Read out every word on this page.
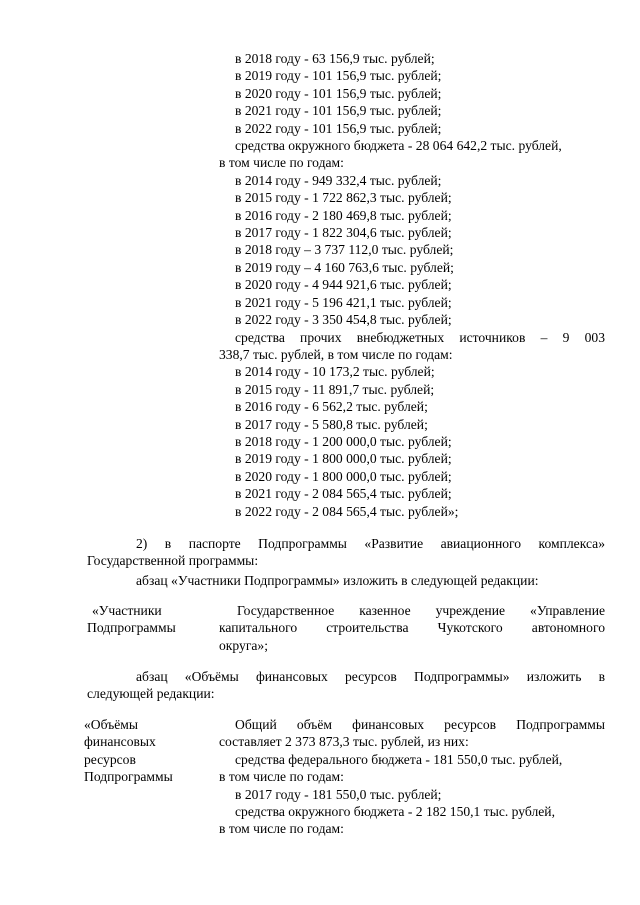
в 2018 году - 63 156,9 тыс. рублей;

в 2019 году - 101 156,9 тыс. рублей;

в 2020 году - 101 156,9 тыс. рублей;

в 2021 году - 101 156,9 тыс. рублей;

в 2022 году - 101 156,9 тыс. рублей;

средства окружного бюджета - 28 064 642,2 тыс. рублей,

в том числе по годам:

в 2014 году - 949 332,4 тыс. рублей;

в 2015 году - 1 722 862,3 тыс. рублей;

в 2016 году - 2 180 469,8 тыс. рублей;

в 2017 году - 1 822 304,6 тыс. рублей;

в 2018 году – 3 737 112,0 тыс. рублей;

в 2019 году – 4 160 763,6 тыс. рублей;

в 2020 году - 4 944 921,6 тыс. рублей;

в 2021 году - 5 196 421,1 тыс. рублей;

в 2022 году - 3 350 454,8 тыс. рублей;

средства прочих внебюджетных источников – 9 003

338,7 тыс. рублей, в том числе по годам:

в 2014 году - 10 173,2 тыс. рублей;

в 2015 году - 11 891,7 тыс. рублей;

в 2016 году - 6 562,2 тыс. рублей;

в 2017 году - 5 580,8 тыс. рублей;

в 2018 году - 1 200 000,0 тыс. рублей;

в 2019 году - 1 800 000,0 тыс. рублей;

в 2020 году - 1 800 000,0 тыс. рублей;

в 2021 году - 2 084 565,4 тыс. рублей;

в 2022 году - 2 084 565,4 тыс. рублей»;

2) в паспорте Подпрограммы «Развитие авиационного комплекса»

Государственной программы:

абзац «Участники Подпрограммы» изложить в следующей редакции:

«Участники

Подпрограммы

Государственное казенное учреждение «Управление

капитального строительства Чукотского автономного

округа»;

абзац «Объёмы финансовых ресурсов Подпрограммы» изложить в

следующей редакции:

«Объёмы

финансовых

ресурсов

Подпрограммы

Общий объём финансовых ресурсов Подпрограммы

составляет 2 373 873,3 тыс. рублей, из них:

средства федерального бюджета - 181 550,0 тыс. рублей,

в том числе по годам:

в 2017 году - 181 550,0 тыс. рублей;

средства окружного бюджета - 2 182 150,1 тыс. рублей,

в том числе по годам:
